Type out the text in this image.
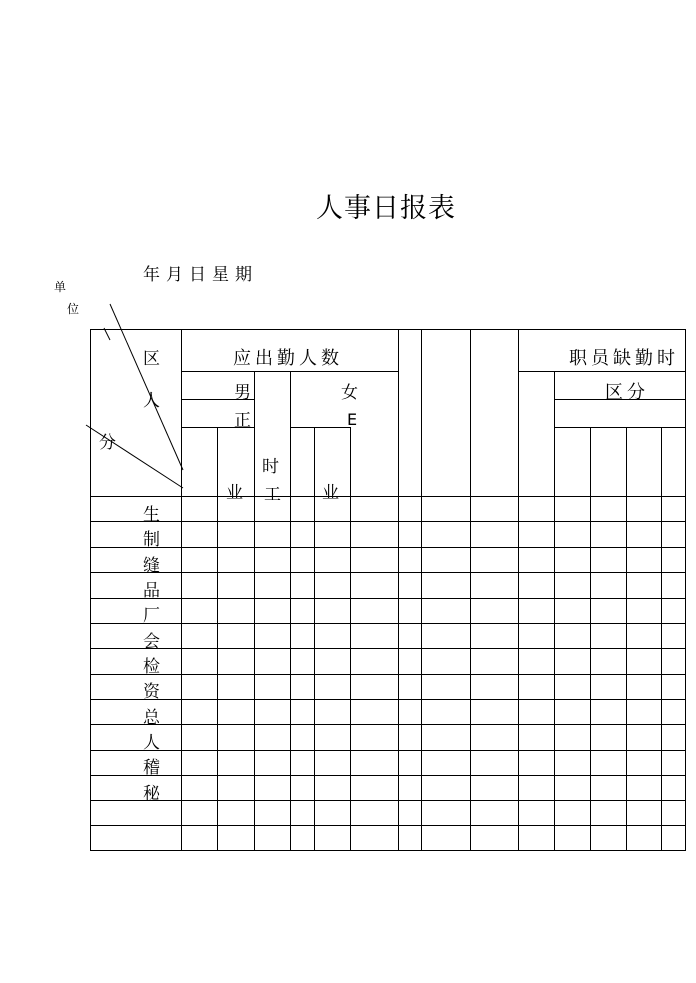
人事日报表
年月日星期
单
位
区
人
分
应出勤人数
男	女
正	E
时
业 工 业
职员缺勤时
区分
生
制
缝
品
厂
会
检
资
总
人
稽
秘
